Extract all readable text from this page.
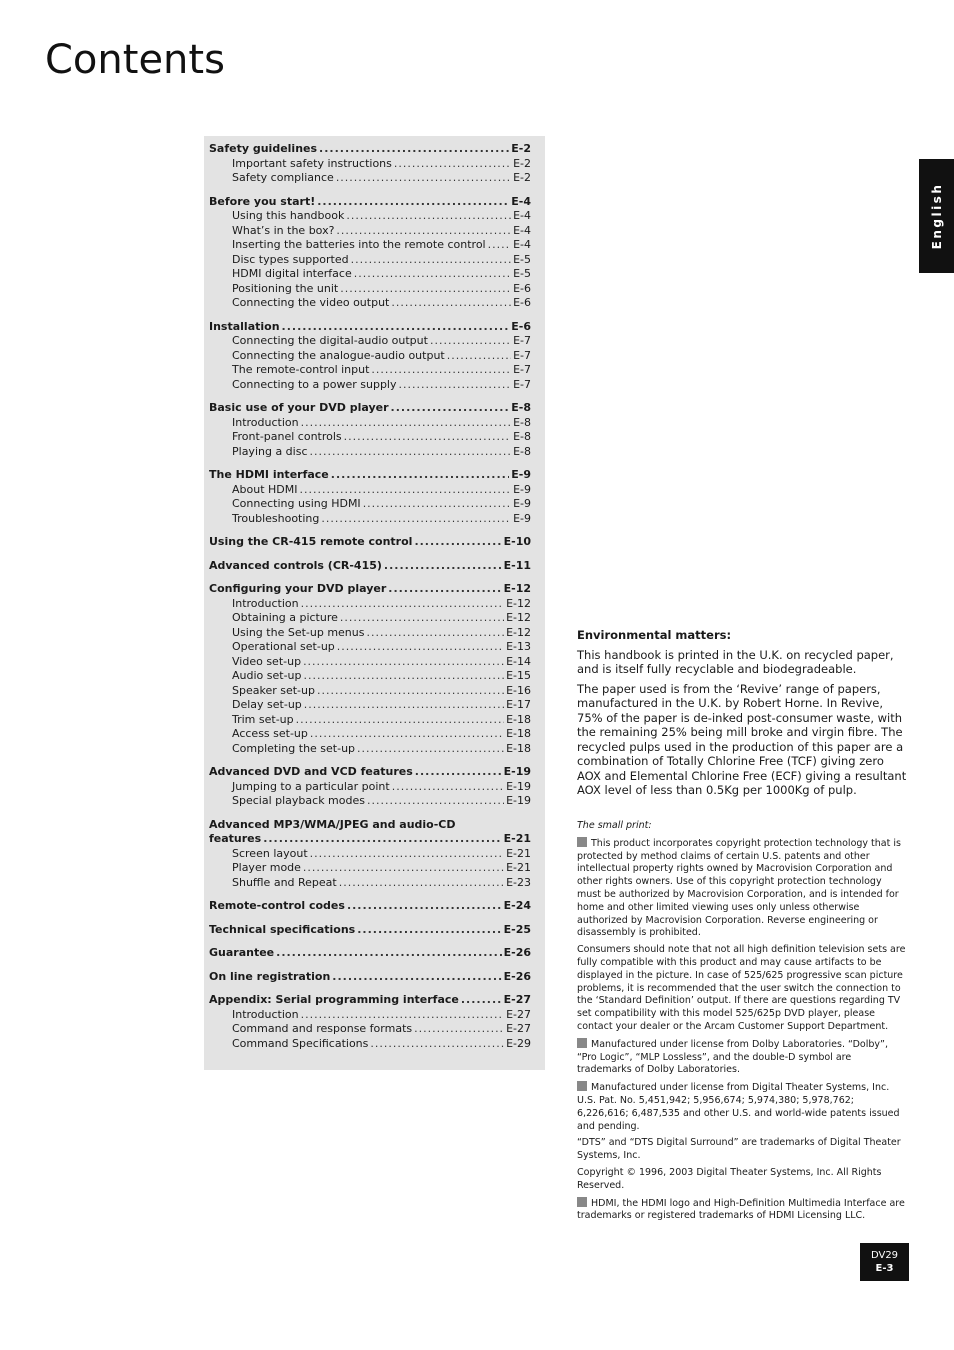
Contents
English
Safety guidelines .....	E-2
Important safety instructions .....	E-2
Safety compliance .....	E-2
Before you start! .....	E-4
Using this handbook .....	E-4
What’s in the box? .....	E-4
Inserting the batteries into the remote control ..... E-4
Disc types supported .....	E-5
HDMI digital interface .....	E-5
Positioning the unit .....	E-6
Connecting the video output .....	E-6
Installation .....	E-6
Connecting the digital-audio output .....	E-7
Connecting the analogue-audio output .....	E-7
The remote-control input .....	E-7
Connecting to a power supply .....	E-7
Basic use of your DVD player .....	E-8
Introduction .....	E-8
Front-panel controls .....	E-8
Playing a disc .....	E-8
The HDMI interface .....	E-9
About HDMI .....	E-9
Connecting using HDMI .....	E-9
Troubleshooting .....	E-9
Using the CR-415 remote control .....	E-10
Advanced controls (CR-415) .....	E-11
Configuring your DVD player .....	E-12
Introduction .....	E-12
Obtaining a picture .....	E-12
Using the Set-up menus .....	E-12
Operational set-up .....	E-13
Video set-up .....	E-14
Audio set-up .....	E-15
Speaker set-up .....	E-16
Delay set-up .....	E-17
Trim set-up .....	E-18
Access set-up .....	E-18
Completing the set-up .....	E-18
Advanced DVD and VCD features .....	E-19
Jumping to a particular point .....	E-19
Special playback modes .....	E-19
Advanced MP3/WMA/JPEG and audio-CD
features .....	E-21
Screen layout .....	E-21
Player mode .....	E-21
Shuffle and Repeat .....	E-23
Remote-control codes .....	E-24
Technical specifications .....	E-25
Guarantee .....	E-26
On line registration .....	E-26
Appendix: Serial programming interface .....	E-27
Introduction .....	E-27
Command and response formats .....	E-27
Command Specifications .....	E-29
Environmental matters:

This handbook is printed in the U.K. on recycled paper, and is itself fully recyclable and biodegradeable.

The paper used is from the ‘Revive’ range of papers, manufactured in the U.K. by Robert Horne. In Revive, 75% of the paper is de-inked post-consumer waste, with the remaining 25% being mill broke and virgin fibre. The recycled pulps used in the production of this paper are a combination of Totally Chlorine Free (TCF) giving zero AOX and Elemental Chlorine Free (ECF) giving a resultant AOX level of less than 0.5Kg per 1000Kg of pulp.

The small print:

This product incorporates copyright protection technology that is protected by method claims of certain U.S. patents and other intellectual property rights owned by Macrovision Corporation and other rights owners. Use of this copyright protection technology must be authorized by Macrovision Corporation, and is intended for home and other limited viewing uses only unless otherwise authorized by Macrovision Corporation. Reverse engineering or disassembly is prohibited.

Consumers should note that not all high definition television sets are fully compatible with this product and may cause artifacts to be displayed in the picture. In case of 525/625 progressive scan picture problems, it is recommended that the user switch the connection to the ‘Standard Definition’ output. If there are questions regarding TV set compatibility with this model 525/625p DVD player, please contact your dealer or the Arcam Customer Support Department.

Manufactured under license from Dolby Laboratories. “Dolby”, “Pro Logic”, “MLP Lossless”, and the double-D symbol are trademarks of Dolby Laboratories.

Manufactured under license from Digital Theater Systems, Inc. U.S. Pat. No. 5,451,942; 5,956,674; 5,974,380; 5,978,762; 6,226,616; 6,487,535 and other U.S. and world-wide patents issued and pending.

“DTS” and “DTS Digital Surround” are trademarks of Digital Theater Systems, Inc.

Copyright © 1996, 2003 Digital Theater Systems, Inc. All Rights Reserved.

HDMI, the HDMI logo and High-Definition Multimedia Interface are trademarks or registered trademarks of HDMI Licensing LLC.

DV29
E-3
